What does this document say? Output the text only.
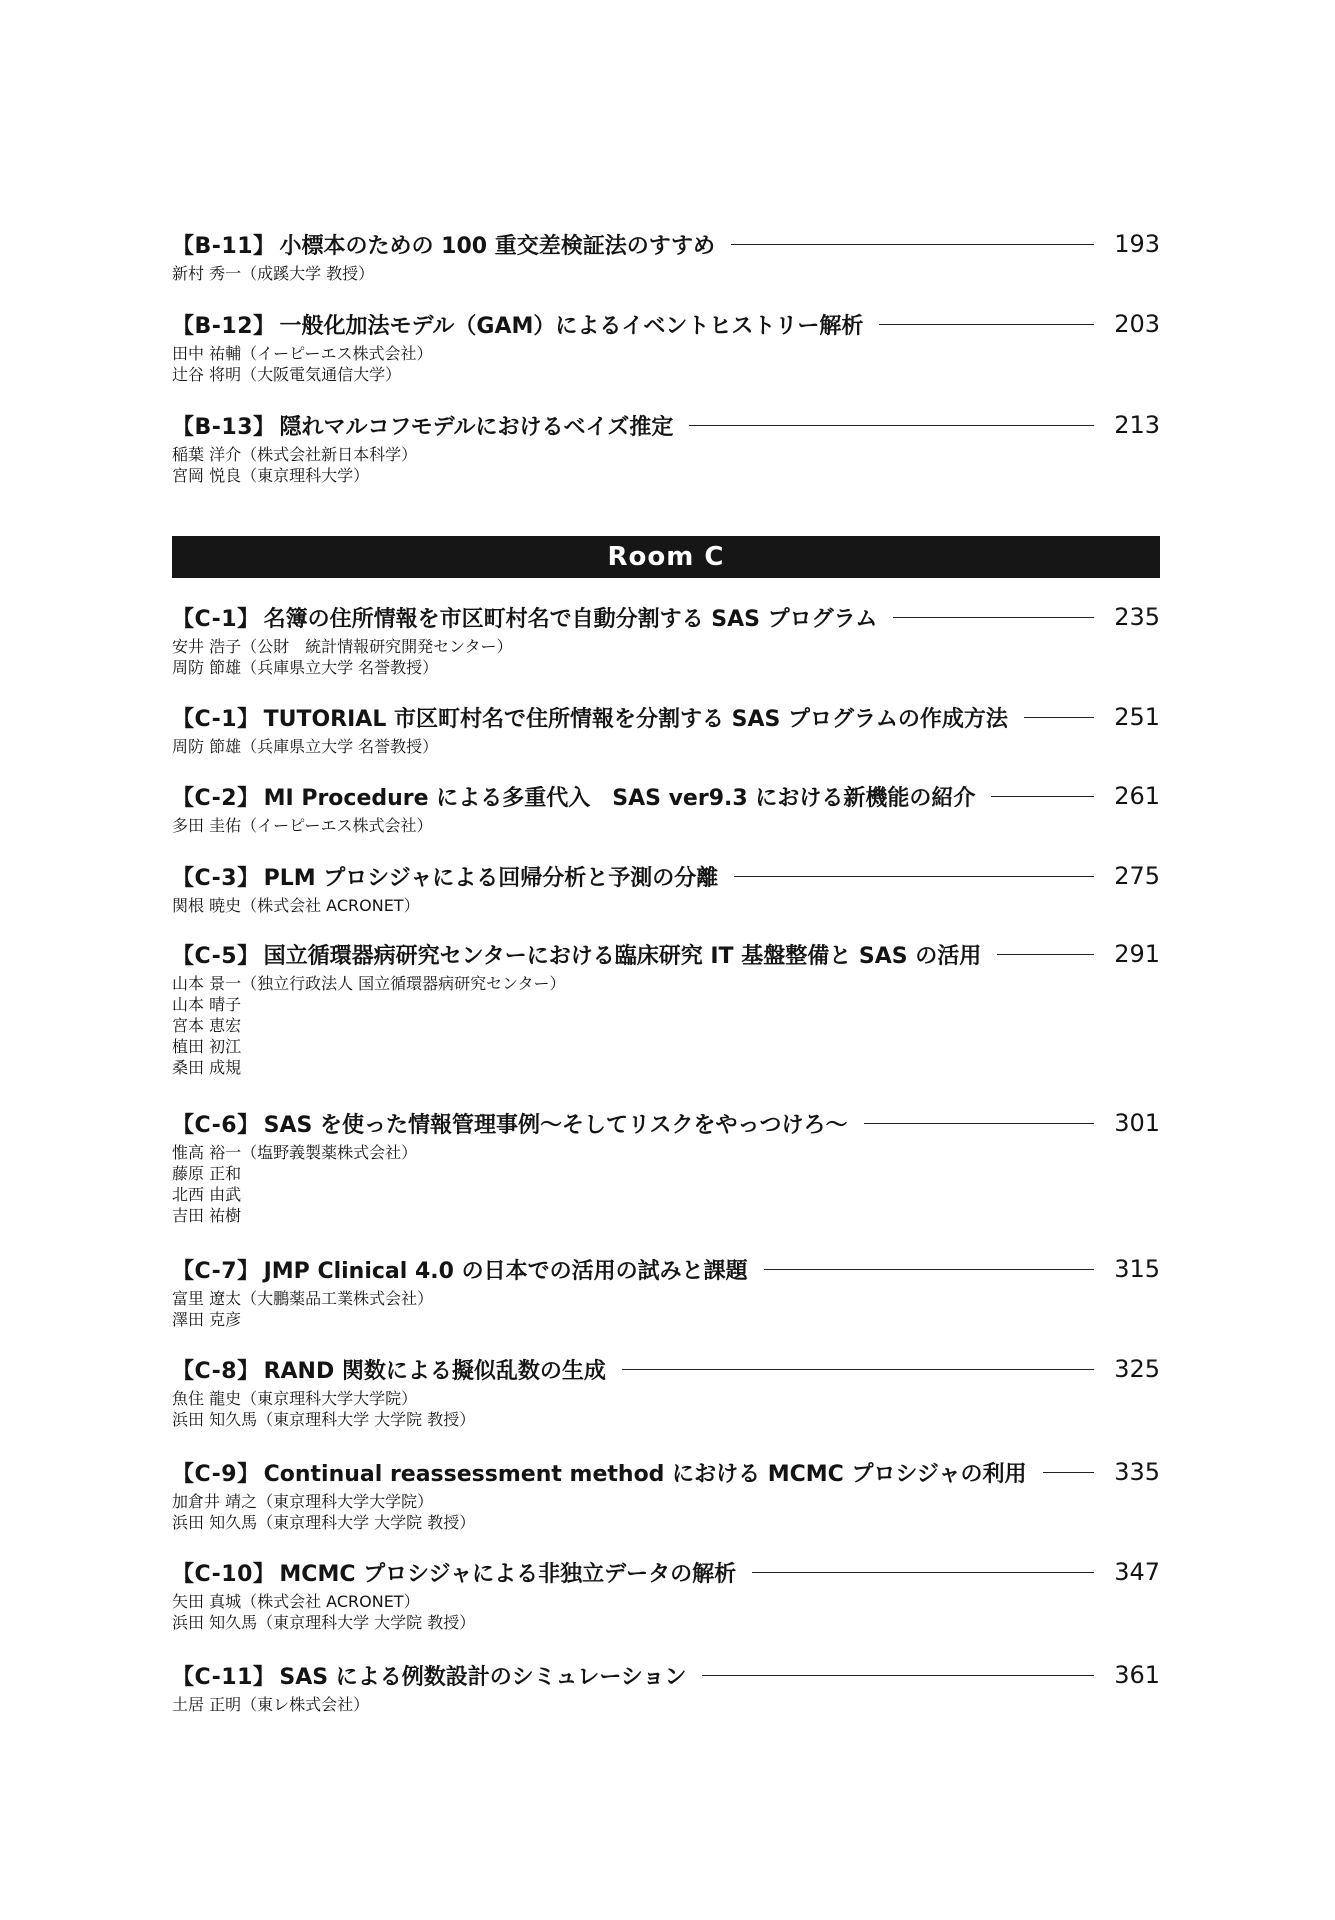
【B-11】 小標本のための 100 重交差検証法のすすめ	193
新村 秀一（成蹊大学 教授）
【B-12】 一般化加法モデル（GAM）によるイベントヒストリー解析	203
田中 祐輔（イーピーエス株式会社）
辻谷 将明（大阪電気通信大学）
【B-13】 隠れマルコフモデルにおけるベイズ推定	213
稲葉 洋介（株式会社新日本科学）
宮岡 悦良（東京理科大学）
Room C
【C-1】 名簿の住所情報を市区町村名で自動分割する SAS プログラム	235
安井 浩子（公財　統計情報研究開発センター）
周防 節雄（兵庫県立大学 名誉教授）
【C-1】 TUTORIAL 市区町村名で住所情報を分割する SAS プログラムの作成方法	251
周防 節雄（兵庫県立大学 名誉教授）
【C-2】 MI Procedure による多重代入　SAS ver9.3 における新機能の紹介	261
多田 圭佑（イーピーエス株式会社）
【C-3】 PLM プロシジャによる回帰分析と予測の分離	275
関根 暁史（株式会社 ACRONET）
【C-5】 国立循環器病研究センターにおける臨床研究 IT 基盤整備と SAS の活用	291
山本 景一（独立行政法人 国立循環器病研究センター）
山本 晴子
宮本 恵宏
植田 初江
桑田 成規
【C-6】 SAS を使った情報管理事例～そしてリスクをやっつけろ～	301
惟高 裕一（塩野義製薬株式会社）
藤原 正和
北西 由武
吉田 祐樹
【C-7】 JMP Clinical 4.0 の日本での活用の試みと課題	315
富里 遼太（大鵬薬品工業株式会社）
澤田 克彦
【C-8】 RAND 関数による擬似乱数の生成	325
魚住 龍史（東京理科大学大学院）
浜田 知久馬（東京理科大学 大学院 教授）
【C-9】 Continual reassessment method における MCMC プロシジャの利用	335
加倉井 靖之（東京理科大学大学院）
浜田 知久馬（東京理科大学 大学院 教授）
【C-10】 MCMC プロシジャによる非独立データの解析	347
矢田 真城（株式会社 ACRONET）
浜田 知久馬（東京理科大学 大学院 教授）
【C-11】 SAS による例数設計のシミュレーション	361
土居 正明（東レ株式会社）
